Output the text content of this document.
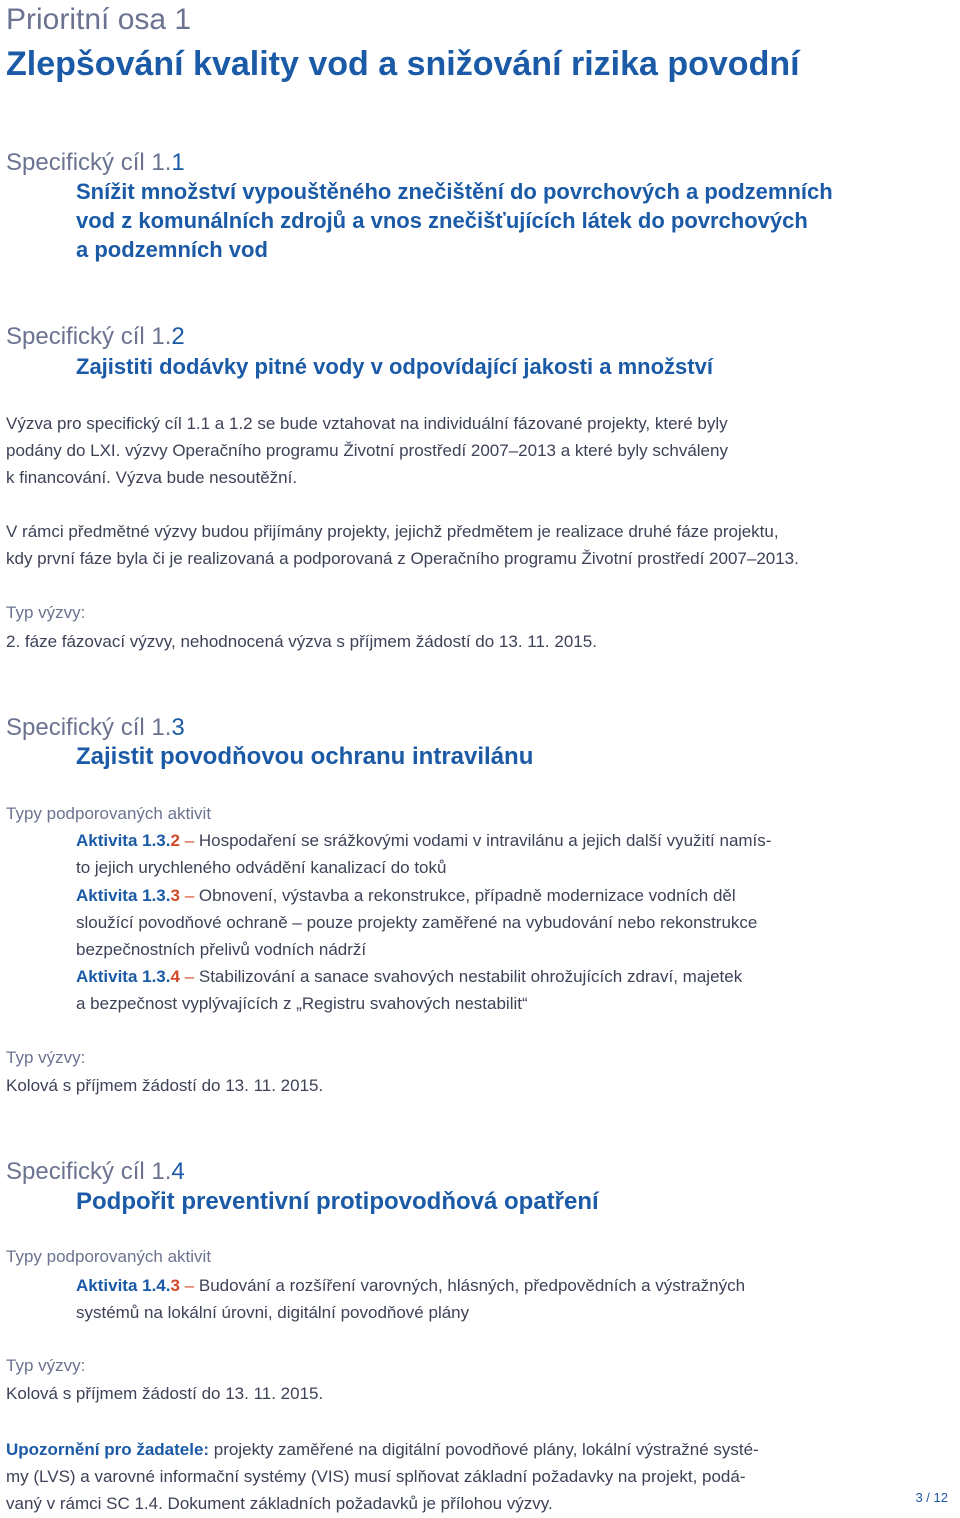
Prioritní osa 1
Zlepšování kvality vod a snižování rizika povodní
Specifický cíl 1.1
Snížit množství vypouštěného znečištění do povrchových a podzemních
vod z komunálních zdrojů a vnos znečišťujících látek do povrchových
a podzemních vod
Specifický cíl 1.2
Zajistiti dodávky pitné vody v odpovídající jakosti a množství
Výzva pro specifický cíl 1.1 a 1.2 se bude vztahovat na individuální fázované projekty, které byly
podány do LXI. výzvy Operačního programu Životní prostředí 2007–2013 a které byly schváleny
k financování. Výzva bude nesoutěžní.
V rámci předmětné výzvy budou přijímány projekty, jejichž předmětem je realizace druhé fáze projektu,
kdy první fáze byla či je realizovaná a podporovaná z Operačního programu Životní prostředí 2007–2013.
Typ výzvy:
2. fáze fázovací výzvy, nehodnocená výzva s příjmem žádostí do 13. 11. 2015.
Specifický cíl 1.3
Zajistit povodňovou ochranu intravilánu
Typy podporovaných aktivit
Aktivita 1.3.2 – Hospodaření se srážkovými vodami v intravilánu a jejich další využití namís-
to jejich urychleného odvádění kanalizací do toků
Aktivita 1.3.3 – Obnovení, výstavba a rekonstrukce, případně modernizace vodních děl
sloužící povodňové ochraně – pouze projekty zaměřené na vybudování nebo rekonstrukce
bezpečnostních přelivů vodních nádrží
Aktivita 1.3.4 – Stabilizování a sanace svahových nestabilit ohrožujících zdraví, majetek
a bezpečnost vyplývajících z „Registru svahových nestabilit“
Typ výzvy:
Kolová s příjmem žádostí do 13. 11. 2015.
Specifický cíl 1.4
Podpořit preventivní protipovodňová opatření
Typy podporovaných aktivit
Aktivita 1.4.3 – Budování a rozšíření varovných, hlásných, předpovědních a výstražných
systémů na lokální úrovni, digitální povodňové plány
Typ výzvy:
Kolová s příjmem žádostí do 13. 11. 2015.
Upozornění pro žadatele: projekty zaměřené na digitální povodňové plány, lokální výstražné systé-
my (LVS) a varovné informační systémy (VIS) musí splňovat základní požadavky na projekt, podá-
vaný v rámci SC 1.4. Dokument základních požadavků je přílohou výzvy.	3 / 12
